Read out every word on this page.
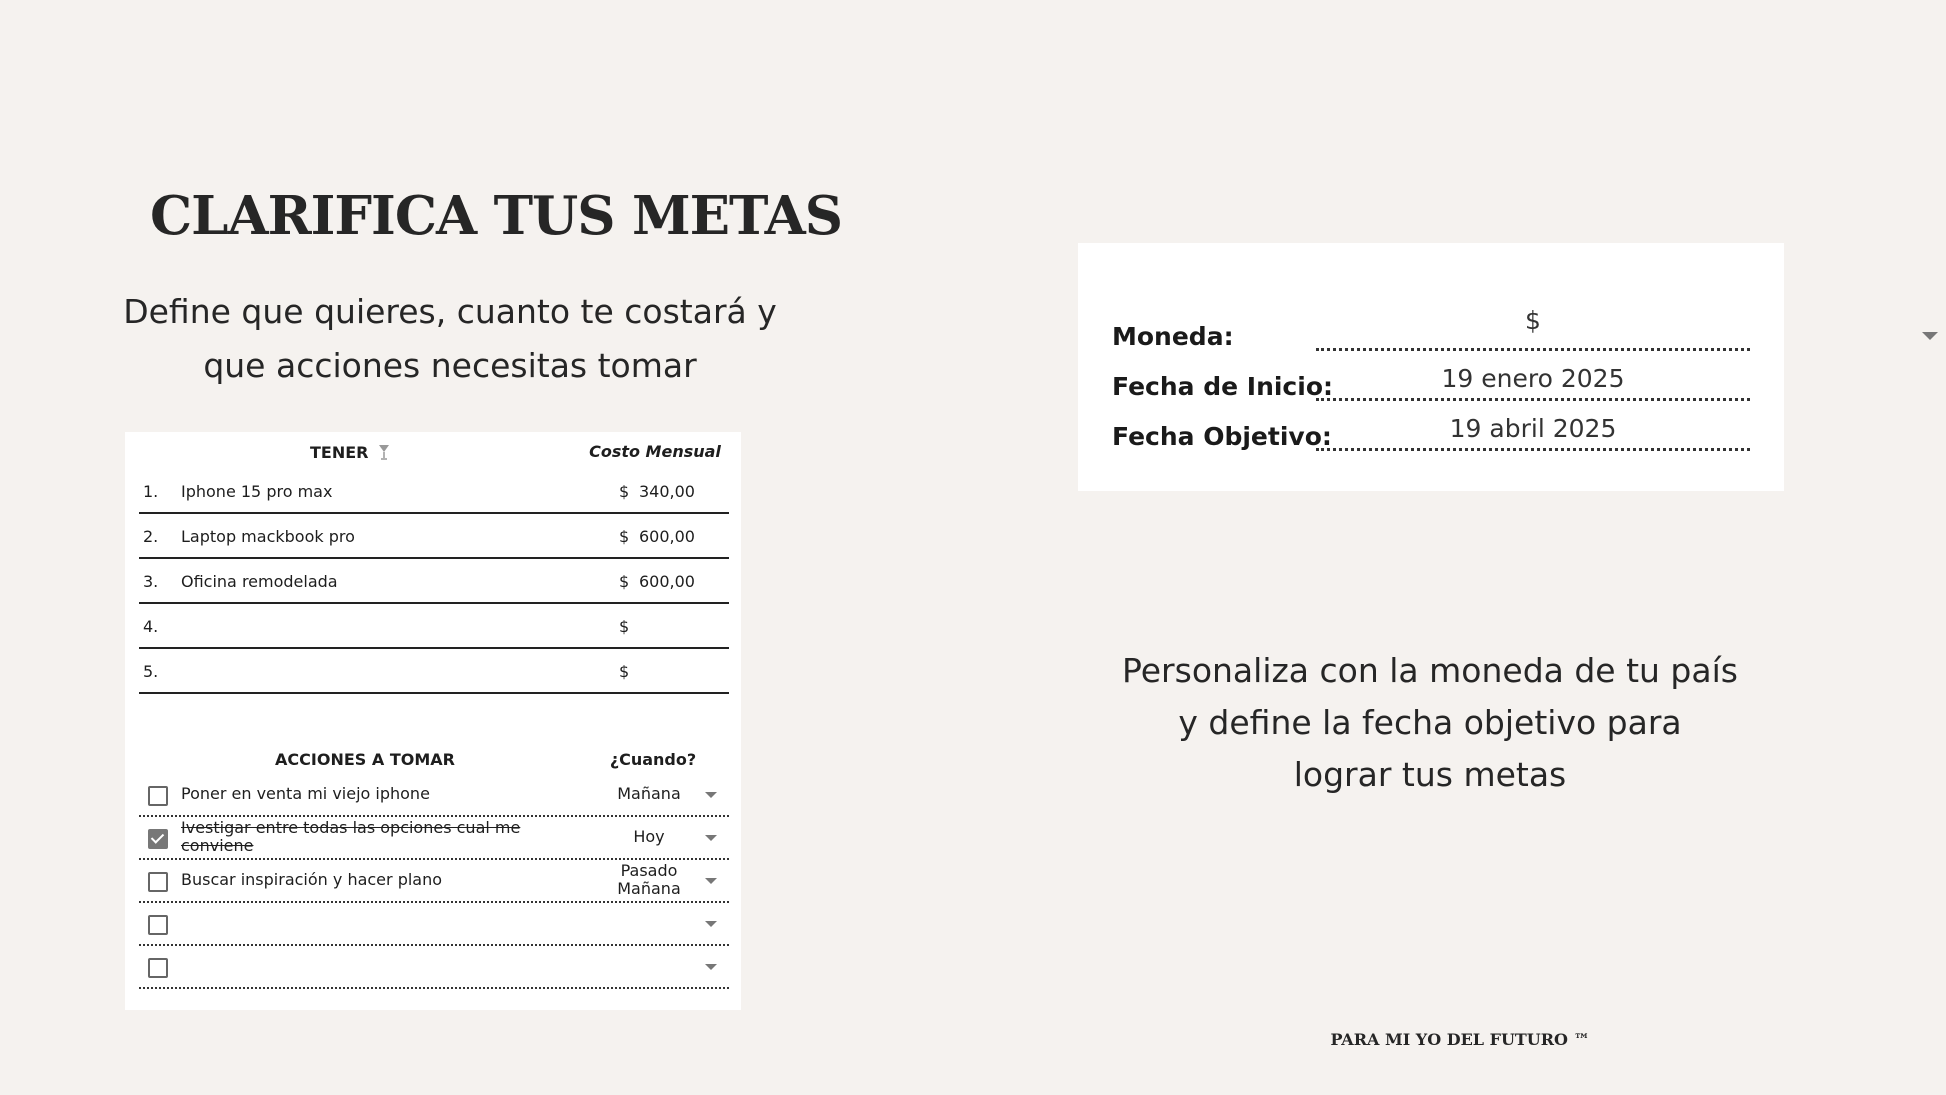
CLARIFICA TUS METAS
Define que quieres, cuanto te costará y
que acciones necesitas tomar
TENER	Costo Mensual
1. Iphone 15 pro max	$ 340,00
2. Laptop mackbook pro	$ 600,00
3. Oficina remodelada	$ 600,00
4.	$
5.	$
ACCIONES A TOMAR	¿Cuando?
Poner en venta mi viejo iphone	Mañana
Ivestigar entre todas las opciones cual me conviene	Hoy
Buscar inspiración y hacer plano	Pasado
Mañana
Moneda:
$
Fecha de Inicio:	19 enero 2025
Fecha Objetivo:	19 abril 2025
Personaliza con la moneda de tu país
y define la fecha objetivo para
lograr tus metas
PARA MI YO DEL FUTURO ™
